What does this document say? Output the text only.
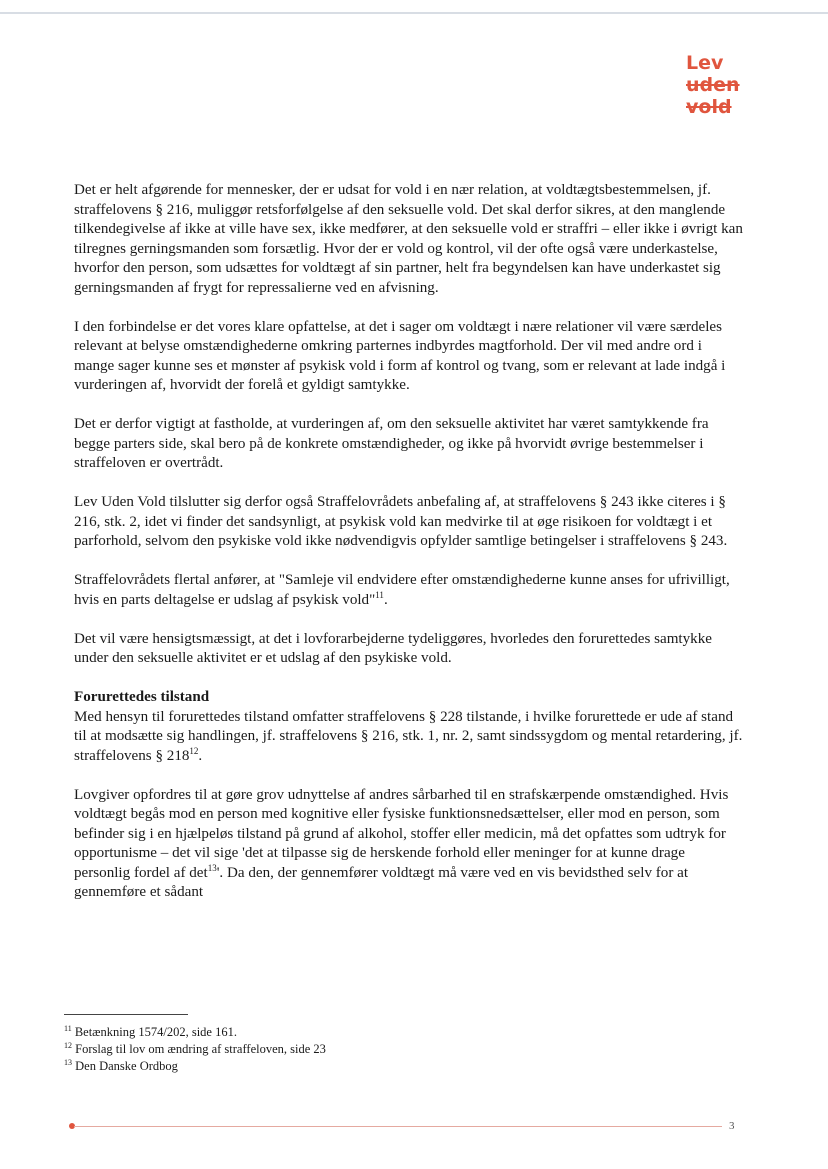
Lev
uden
vold

Det er helt afgørende for mennesker, der er udsat for vold i en nær relation, at voldtægtsbestemmelsen, jf. straffelovens § 216, muliggør retsforfølgelse af den seksuelle vold. Det skal derfor sikres, at den manglende tilkendegivelse af ikke at ville have sex, ikke medfører, at den seksuelle vold er straffri – eller ikke i øvrigt kan tilregnes gerningsmanden som forsætlig. Hvor der er vold og kontrol, vil der ofte også være underkastelse, hvorfor den person, som udsættes for voldtægt af sin partner, helt fra begyndelsen kan have underkastet sig gerningsmanden af frygt for repressalierne ved en afvisning.

I den forbindelse er det vores klare opfattelse, at det i sager om voldtægt i nære relationer vil være særdeles relevant at belyse omstændighederne omkring parternes indbyrdes magtforhold. Der vil med andre ord i mange sager kunne ses et mønster af psykisk vold i form af kontrol og tvang, som er relevant at lade indgå i vurderingen af, hvorvidt der forelå et gyldigt samtykke.

Det er derfor vigtigt at fastholde, at vurderingen af, om den seksuelle aktivitet har været samtykkende fra begge parters side, skal bero på de konkrete omstændigheder, og ikke på hvorvidt øvrige bestemmelser i straffeloven er overtrådt.

Lev Uden Vold tilslutter sig derfor også Straffelovrådets anbefaling af, at straffelovens § 243 ikke citeres i § 216, stk. 2, idet vi finder det sandsynligt, at psykisk vold kan medvirke til at øge risikoen for voldtægt i et parforhold, selvom den psykiske vold ikke nødvendigvis opfylder samtlige betingelser i straffelovens § 243.

Straffelovrådets flertal anfører, at "Samleje vil endvidere efter omstændighederne kunne anses for ufrivilligt, hvis en parts deltagelse er udslag af psykisk vold"$^{11}$.

Det vil være hensigtsmæssigt, at det i lovforarbejderne tydeliggøres, hvorledes den forurettedes samtykke under den seksuelle aktivitet er et udslag af den psykiske vold.

Forurettedes tilstand

Med hensyn til forurettedes tilstand omfatter straffelovens § 228 tilstande, i hvilke forurettede er ude af stand til at modsætte sig handlingen, jf. straffelovens § 216, stk. 1, nr. 2, samt sindssygdom og mental retardering, jf. straffelovens § $218^{12}$.

Lovgiver opfordres til at gøre grov udnyttelse af andres sårbarhed til en strafskærpende omstændighed. Hvis voldtægt begås mod en person med kognitive eller fysiske funktionsnedsættelser, eller mod en person, som befinder sig i en hjælpeløs tilstand på grund af alkohol, stoffer eller medicin, må det opfattes som udtryk for opportunisme – det vil sige 'det at tilpasse sig de herskende forhold eller meninger for at kunne drage personlig fordel af $\det^{13}'$. Da den, der gennemfører voldtægt må være ved en vis bevidsthed selv for at gennemføre et sådant

$^{11}$ Betænkning 1574/202, side 161.
$^{12}$ Forslag til lov om ændring af straffeloven, side 23
$^{13}$ Den Danske Ordbog
3
